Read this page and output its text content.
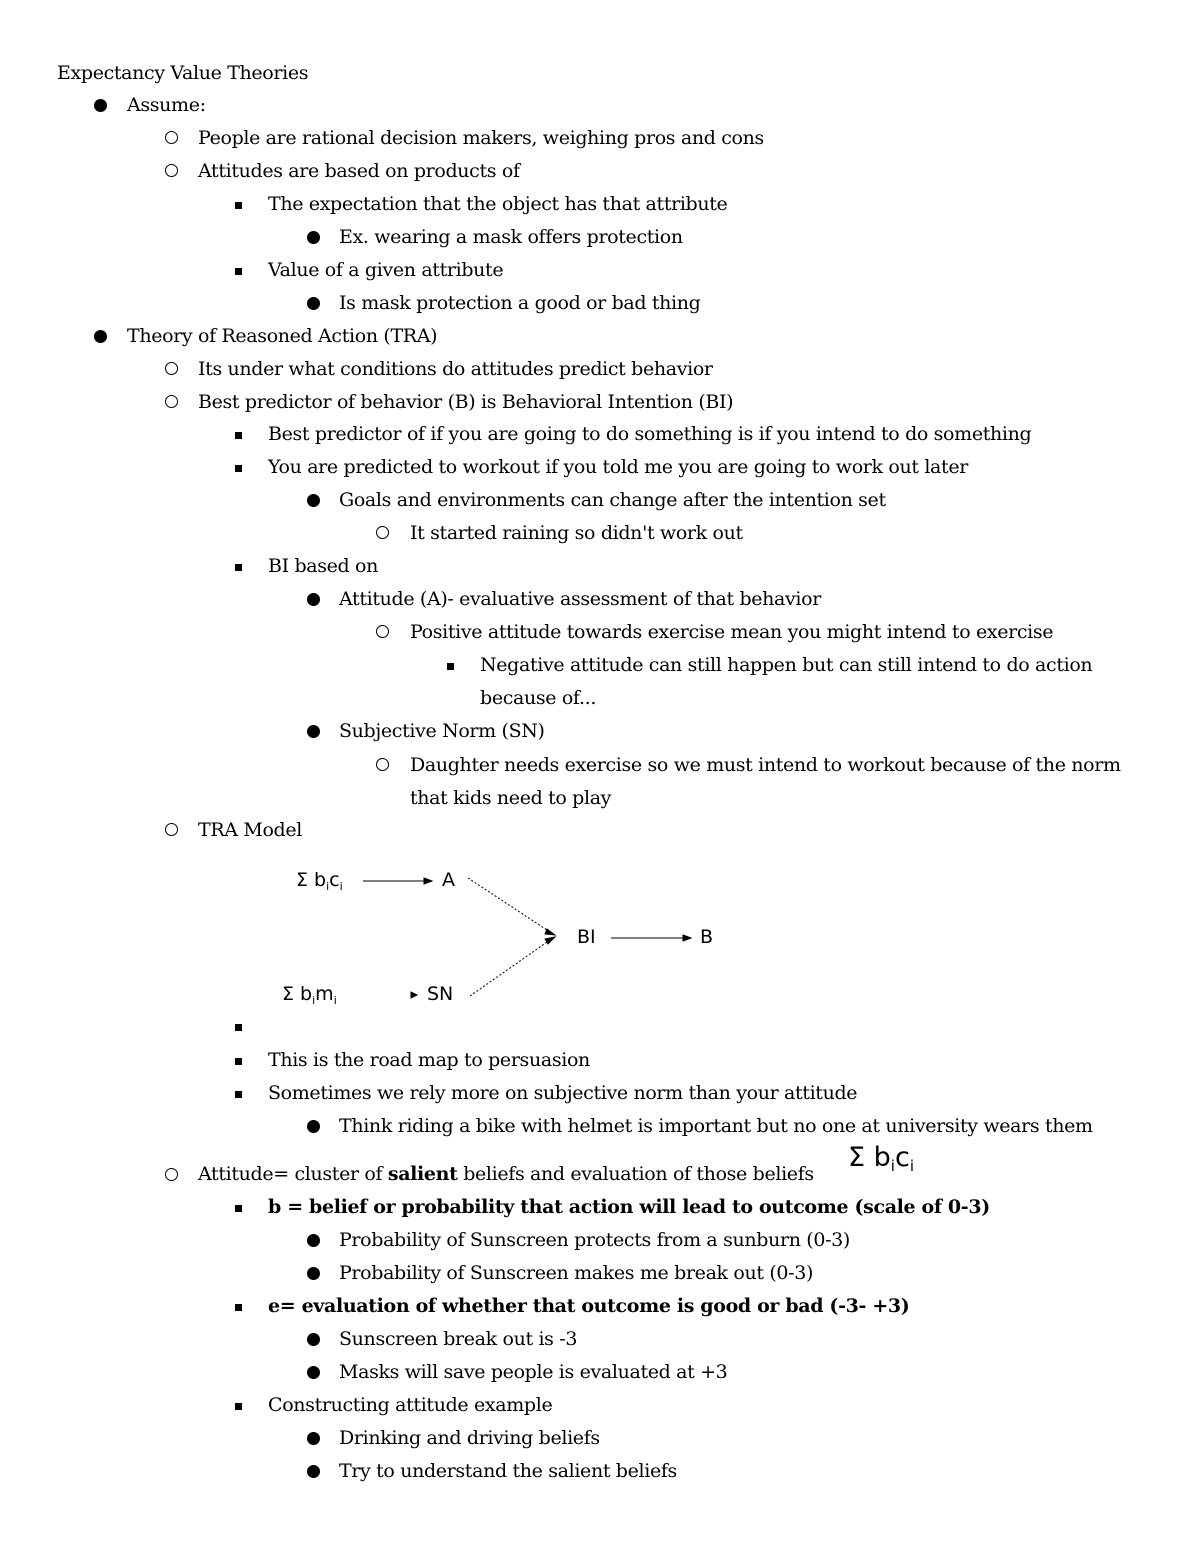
Expectancy Value Theories
Assume:
People are rational decision makers, weighing pros and cons
Attitudes are based on products of
The expectation that the object has that attribute
Ex. wearing a mask offers protection
Value of a given attribute
Is mask protection a good or bad thing
Theory of Reasoned Action (TRA)
Its under what conditions do attitudes predict behavior
Best predictor of behavior (B) is Behavioral Intention (BI)
Best predictor of if you are going to do something is if you intend to do something
You are predicted to workout if you told me you are going to work out later
Goals and environments can change after the intention set
It started raining so didn't work out
BI based on
Attitude (A)- evaluative assessment of that behavior
Positive attitude towards exercise mean you might intend to exercise
Negative attitude can still happen but can still intend to do action
because of...
Subjective Norm (SN)
Daughter needs exercise so we must intend to workout because of the norm
that kids need to play
TRA Model
Σ $b_ic_i$	A
Σ $b_im_i$	SN
BI	B
This is the road map to persuasion
Sometimes we rely more on subjective norm than your attitude
Think riding a bike with helmet is important but no one at university wears them
Attitude= cluster of salient beliefs and evaluation of those beliefs
Σ $b_ic_i$
b = belief or probability that action will lead to outcome (scale of 0-3)
Probability of Sunscreen protects from a sunburn (0-3)
Probability of Sunscreen makes me break out (0-3)
e= evaluation of whether that outcome is good or bad (-3- +3)
Sunscreen break out is -3
Masks will save people is evaluated at +3
Constructing attitude example
Drinking and driving beliefs
Try to understand the salient beliefs
